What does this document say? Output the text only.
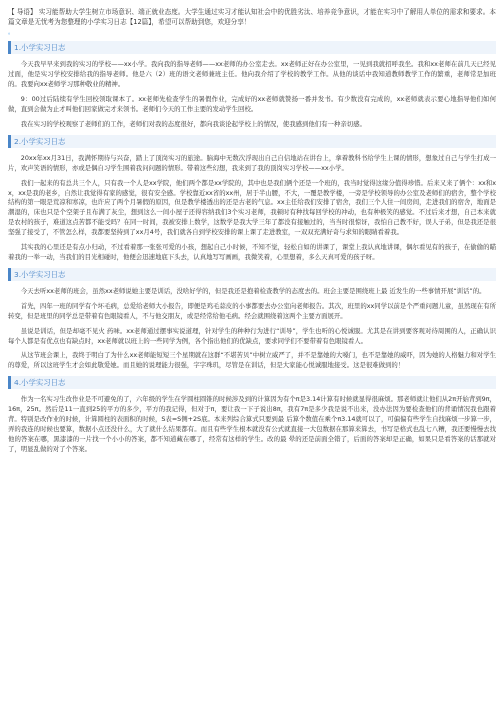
【 导语】 实习能帮助大学生树立市场意识、端正就业态度。大学生通过实习才能认知社会中的优胜劣汰、培养竞争意识，才能在实习中了解用人单位的需求和要求。本篇文章是无忧考为您整理的小学实习日志【12篇】，希望可以帮助到您，欢迎分享！

。
1.小学实习日志

今天我早早来到我的实习的学校——xx小学。我向我的指导老师——xx老师的办公室走去。xx老师正好在办公室里，一见到我就招呼我坐。我和xx老师在前几天已经见过面，他是实习学校安排给我的指导老师。他是六（2）班的语文老师兼班主任。他向我介绍了学校的教学工作。从他的谈话中我知道教师教学工作的繁重，老师常是加班的。我要向xx老师学习那种敬业的精神。

9：00过后陆续有学生回校领取课本了。xx老师先检查学生的暑假作业，完成好的xx老师就赞扬一番并发书。有少数没有完成的，xx老师就表示要心地指导他们如何做，直到会做为止才叫他们回家做完才来领书。老师们今天的工作主要的发动学生回校。

我在实习的学校观察了老师们的工作，老师们对我的态度很好，都向我谈论起学校上的情况，使我感到他们有一种亲切感。

2.小学实习日志

20xx年xx月31日，我满怀期待与兴奋，踏上了顶岗实习的旅途。脑海中无数次浮现出自己自信地站在讲台上，拿着教科书给学生上课的情形，想象过自己与学生打成一片，欢声笑语的情形，亦或是偶自习学生围着我问问题的情形。带着这些幻想，我来到了我的顶岗实习学校——xx小学。

我们一起来的有总共三个人，只有我一个人是xx学院，他们两个都是xx学院的，其中也是我们俩个还是一个班的，我当时觉得这缘分值得珍惜。后来又来了俩个：xx和xx，xx是我的老乡，自然让我觉得有家的感觉，很有安全感。学校靠近xx省的xx州，居于半山腰，不大，一覆是教学楼，一旁是学校领导的办公室及老师们的宿舍，整个学校结构的第一眼是荒凉和寒凉，也许应了两个月暑假的原因，但是教学楼透出的还是古老的气息。xx主任给我们安排了宿舍，我们三个人住一间房间，走进我们的宿舍，地面是潮湿的，床也只是个空架子且布满了灰尘，想到这么一间小屋子还得容纳我们3个实习老师，我顿时有种找每回学校的冲动，也有种极笑的感觉。不过后来才想，自己本来就是农村的孩子，难道这点苦都不能受吗？在同一时间，我被安排上数学，这数学是我大学三年了都没有接触过的，当当时很惊讶，我怕自己教不好，误人子弟，但是我还是很坚强了接受了，不管怎么样，我都要坚持到了xx月4号，我们就各自到学校安排的课上课了走进教室，一双双充满好奇与求知的眼睛看着我。

其实我的心里还是有点小归动，不过看着那一张张可爱的小孩，想起自己小时候，不知不觉，轻松自如的讲课了，课堂上我认真地讲课，偶尔看见有的孩子，在偷偷的瞄着我的一举一动，当我们的目光相碰时，他便会迅速地底下头去，认真地写写画画，我微笑着，心里想着，多么天真可爱的孩子呀。

3.小学实习日志

今天去听xx老师的班会，虽然xx老师说她主要是训话，没啥好学的，但是我还是抱着检查教学的态度去的。班会主要是围绕班上最 近发生的一些事情开展“训话”的。

首先，四年一班的同学有个坏毛病，总爱给老师大小报告，即便是鸡毛蒜皮的小事都要去办公室向老师报告。其次，班里的xx同学以前是个严重问题儿童，虽然现在有所转变，但是班里的同学总是带着有色眼镜看人，不与他交朋友，或是经常给他毛病。经会就围绕着这两个主要方面展开。

虽说是训话，但是却毫不见火 药味。xx老师通过摆事实说道理，针对学生的种种行为进行“训导”，学生也听的心悦诚服。尤其是在讲到要客观对待周围的人，正确认识每个人都是有优点也有缺点时，xx老师就以班上的一些同学为例，各个指出他们的优缺点，要求同学们不要带着有色眼镜看人。

从这节班会课上，我终于明白了为什么xx老师能短短三个星期就在这群“不堪苦贝”中树立威严了，并不是靠她的大嗓门，也不是靠她的威吓，因为她的人格魅力和对学生的尊爱，所以这班学生才会如此敬爱她。而且她的说理能力很强，字字珠玑，尽管是在训话，但是大家能心悦诚服地接受。这是很难做到的！

4.小学实习日志

作为一名实习生改作业是不可避免的了，六年级的学生在学圆柱圆锥的时候涉及到的计算因为有个π是3.14计算有时候就显得很麻烦。那老师就让他们从2π开始背到9π，16π，25π。然后是11一直到25的平方的多少，平方的我记得，但对于π，要让我一下子说出8π，我有7π是多少我是说不出来，没办法因为要检查他们的背诵情况我也跟着背。特别是改作业的时候，计算圆柱的表面积的时候，S表=S侧+2S底。本来列综合算式只要到最 后算个数值在乘个π3.14就可以了，可偏偏有些学生自找麻烦一步算一步，弄的我连的时候也要算，数据小点还没什么，大了就什么结果都有。而且有些学生根本就没有公式就直接一大包数据在那算来算去，书写是格式也乱七八糟，我还要慢慢去找他的答案在哪，黑漆漆的一片找一个小小的答案，都不知道藏在哪了，经常有这样的学生。改的最 晕的还是前面全错了，后面的答案却是正确，如果只是看答案的话那就对了，明显乱做的对了个答案。
